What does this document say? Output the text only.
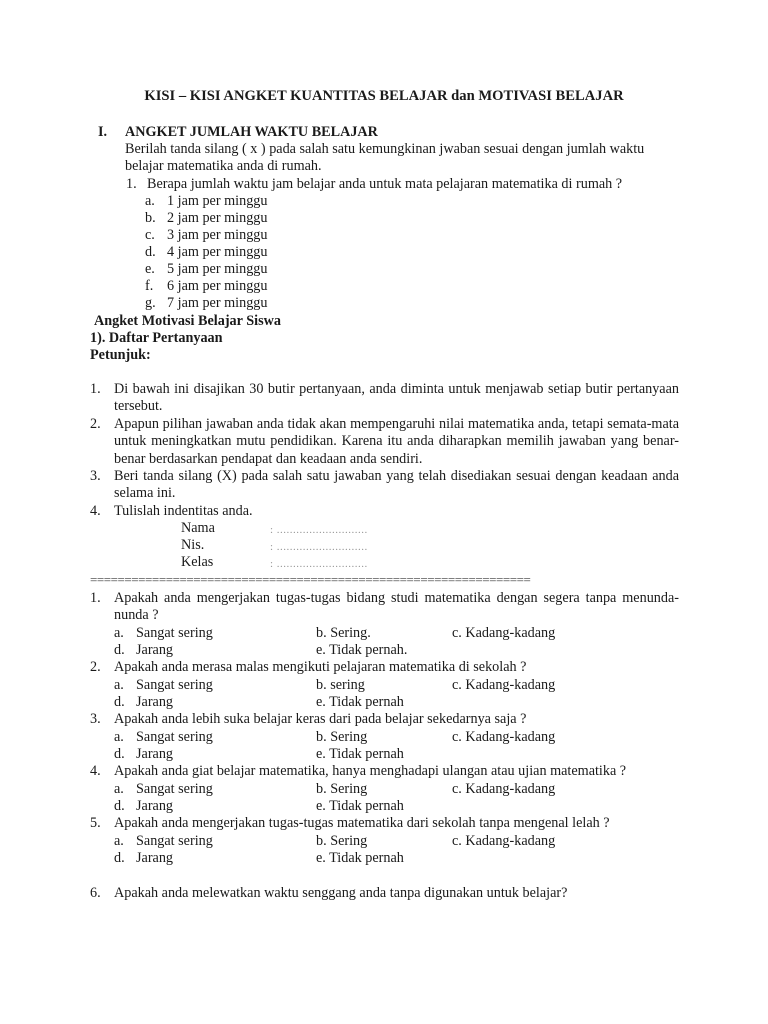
KISI – KISI ANGKET KUANTITAS BELAJAR dan MOTIVASI BELAJAR
I. ANGKET JUMLAH WAKTU BELAJAR
Berilah tanda silang ( x ) pada salah satu kemungkinan jwaban sesuai dengan jumlah waktu
belajar matematika anda di rumah.
1. Berapa jumlah waktu jam belajar anda untuk mata pelajaran matematika di rumah ?
a. 1 jam per minggu
b. 2 jam per minggu
c. 3 jam per minggu
d. 4 jam per minggu
e. 5 jam per minggu
f. 6 jam per minggu
g. 7 jam per minggu
Angket Motivasi Belajar Siswa
1). Daftar Pertanyaan
Petunjuk:
1. Di bawah ini disajikan 30 butir pertanyaan, anda diminta untuk menjawab setiap butir pertanyaan tersebut.
2. Apapun pilihan jawaban anda tidak akan mempengaruhi nilai matematika anda, tetapi semata-mata untuk meningkatkan mutu pendidikan. Karena itu anda diharapkan memilih jawaban yang benar-benar berdasarkan pendapat dan keadaan anda sendiri.
3. Beri tanda silang (X) pada salah satu jawaban yang telah disediakan sesuai dengan keadaan anda selama ini.
4. Tulislah indentitas anda.
Nama	: ............................
Nis.	: ............................
Kelas	: ............................
================================================================
1. Apakah anda mengerjakan tugas-tugas bidang studi matematika dengan segera tanpa menunda-nunda ?
a. Sangat sering	b. Sering.	c. Kadang-kadang
d. Jarang	e. Tidak pernah.
2. Apakah anda merasa malas mengikuti pelajaran matematika di sekolah ?
a. Sangat sering	b. sering	c. Kadang-kadang
d. Jarang	e. Tidak pernah
3. Apakah anda lebih suka belajar keras dari pada belajar sekedarnya saja ?
a. Sangat sering	b. Sering	c. Kadang-kadang
d. Jarang	e. Tidak pernah
4. Apakah anda giat belajar matematika, hanya menghadapi ulangan atau ujian matematika ?
a. Sangat sering	b. Sering	c. Kadang-kadang
d. Jarang	e. Tidak pernah
5. Apakah anda mengerjakan tugas-tugas matematika dari sekolah tanpa mengenal lelah ?
a. Sangat sering	b. Sering	c. Kadang-kadang
d. Jarang	e. Tidak pernah
6. Apakah anda melewatkan waktu senggang anda tanpa digunakan untuk belajar?
